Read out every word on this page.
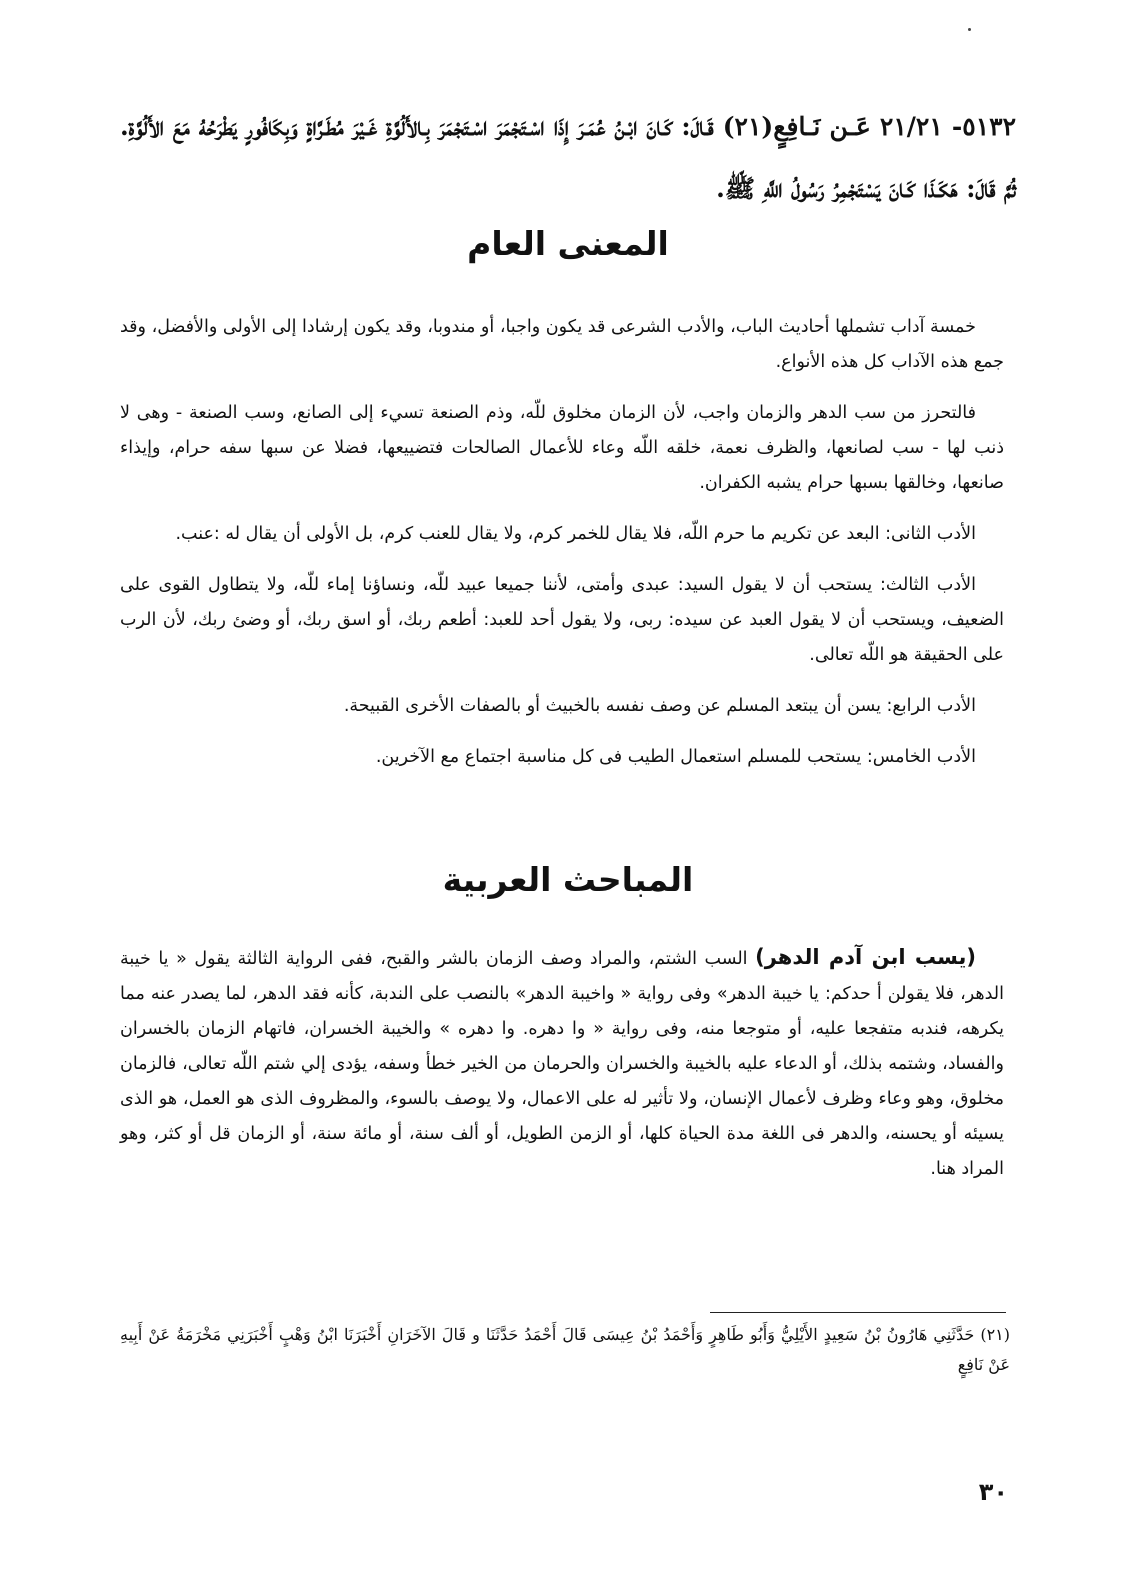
٥١٣٢- ٢١/٢١ عَـن نَـافِعٍ(٢١) قَـالَ: كَـانَ ابْـنُ عُمَـرَ إِذَا اسْـتَجْمَرَ اسْـتَجْمَرَ بِـالأَلُوَّةِ غَـيْرَ مُطَـرَّاةٍ وَبِكَافُورٍ يَطْرَحُهُ مَعَ الأَلُوَّةِ. ثُمَّ قَالَ: هَكَـذَا كَـانَ يَسْتَجْمِرُ رَسُولُ اللَّهِ ﷺ.
المعنى العام

خمسة آداب تشملها أحاديث الباب، والأدب الشرعى قد يكون واجبا، أو مندوبا، وقد يكون إرشادا إلى الأولى والأفضل، وقد جمع هذه الآداب كل هذه الأنواع.

فالتحرز من سب الدهر والزمان واجب، لأن الزمان مخلوق للّه، وذم الصنعة تسيء إلى الصانع، وسب الصنعة - وهى لا ذنب لها - سب لصانعها، والظرف نعمة، خلقه اللّه وعاء للأعمال الصالحات فتضييعها، فضلا عن سبها سفه حرام، وإيذاء صانعها، وخالقها بسبها حرام يشبه الكفران.

الأدب الثانى: البعد عن تكريم ما حرم اللّه، فلا يقال للخمر كرم، ولا يقال للعنب كرم، بل الأولى أن يقال له :عنب.

الأدب الثالث: يستحب أن لا يقول السيد: عبدى وأمتى، لأننا جميعا عبيد للّه، ونساؤنا إماء للّه، ولا يتطاول القوى على الضعيف، ويستحب أن لا يقول العبد عن سيده: ربى، ولا يقول أحد للعبد: أطعم ربك، أو اسق ربك، أو وضئ ربك، لأن الرب على الحقيقة هو اللّه تعالى.

الأدب الرابع: يسن أن يبتعد المسلم عن وصف نفسه بالخبيث أو بالصفات الأخرى القبيحة.

الأدب الخامس: يستحب للمسلم استعمال الطيب فى كل مناسبة اجتماع مع الآخرين.

المباحث العربية

(يسب ابن آدم الدهر) السب الشتم، والمراد وصف الزمان بالشر والقبح، ففى الرواية الثالثة يقول « يا خيبة الدهر، فلا يقولن أ حدكم: يا خيبة الدهر» وفى رواية « واخيبة الدهر» بالنصب على الندبة، كأنه فقد الدهر، لما يصدر عنه مما يكرهه، فندبه متفجعا عليه، أو متوجعا منه، وفى رواية « وا دهره. وا دهره » والخيبة الخسران، فاتهام الزمان بالخسران والفساد، وشتمه بذلك، أو الدعاء عليه بالخيبة والخسران والحرمان من الخير خطأ وسفه، يؤدى إلي شتم اللّه تعالى، فالزمان مخلوق، وهو وعاء وظرف لأعمال الإنسان، ولا تأثير له على الاعمال، ولا يوصف بالسوء، والمظروف الذى هو العمل، هو الذى يسيئه أو يحسنه، والدهر فى اللغة مدة الحياة كلها، أو الزمن الطويل، أو ألف سنة، أو مائة سنة، أو الزمان قل أو كثر، وهو المراد هنا.

(٢١) حَدَّثَنِي هَارُونُ بْنُ سَعِيدٍ الأَيْلِيُّ وَأَبُو طَاهِرٍ وَأَحْمَدُ بْنُ عِيسَى قَالَ أَحْمَدُ حَدَّثَنَا و قَالَ الآخَرَانِ أَخْبَرَنَا ابْنُ وَهْبٍ أَخْبَرَنِي مَخْرَمَةُ عَنْ أَبِيهِ عَنْ نَافِعٍ
٣٠
